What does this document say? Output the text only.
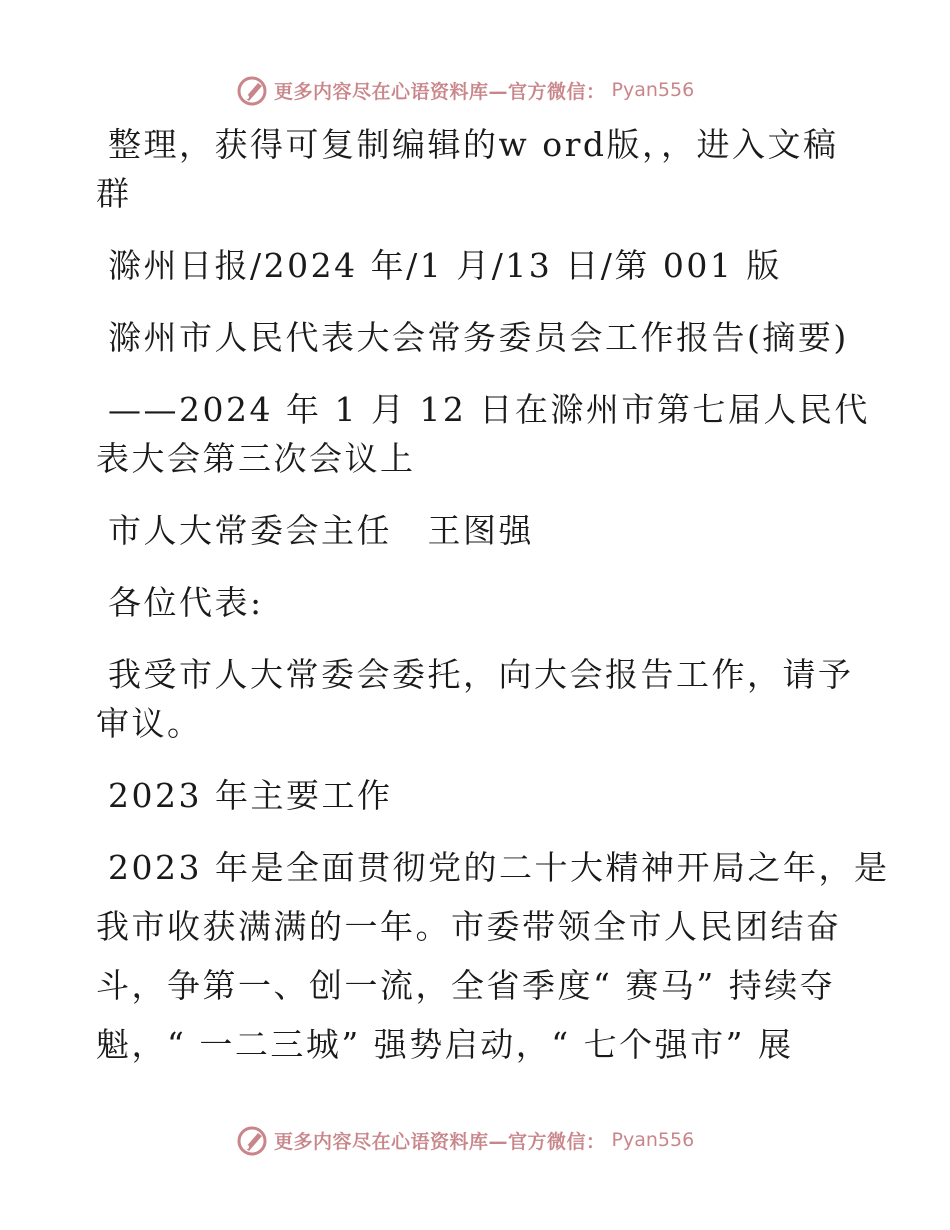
更多内容尽在心语资料库—官方微信： Pyan556

整理，获得可复制编辑的w ord版，，进入文稿

群

滁州日报/2024 年/1 月/13 日/第 001 版

滁州市人民代表大会常务委员会工作报告(摘要)

——2024 年 1 月 12 日在滁州市第七届人民代

表大会第三次会议上

市人大常委会主任　王图强

各位代表:

我受市人大常委会委托，向大会报告工作，请予

审议。

2023 年主要工作

2023 年是全面贯彻党的二十大精神开局之年，是

我市收获满满的一年。市委带领全市人民团结奋

斗，争第一、创一流，全省季度“ 赛马” 持续夺

魁，“ 一二三城” 强势启动，“ 七个强市” 展

更多内容尽在心语资料库—官方微信： Pyan556
